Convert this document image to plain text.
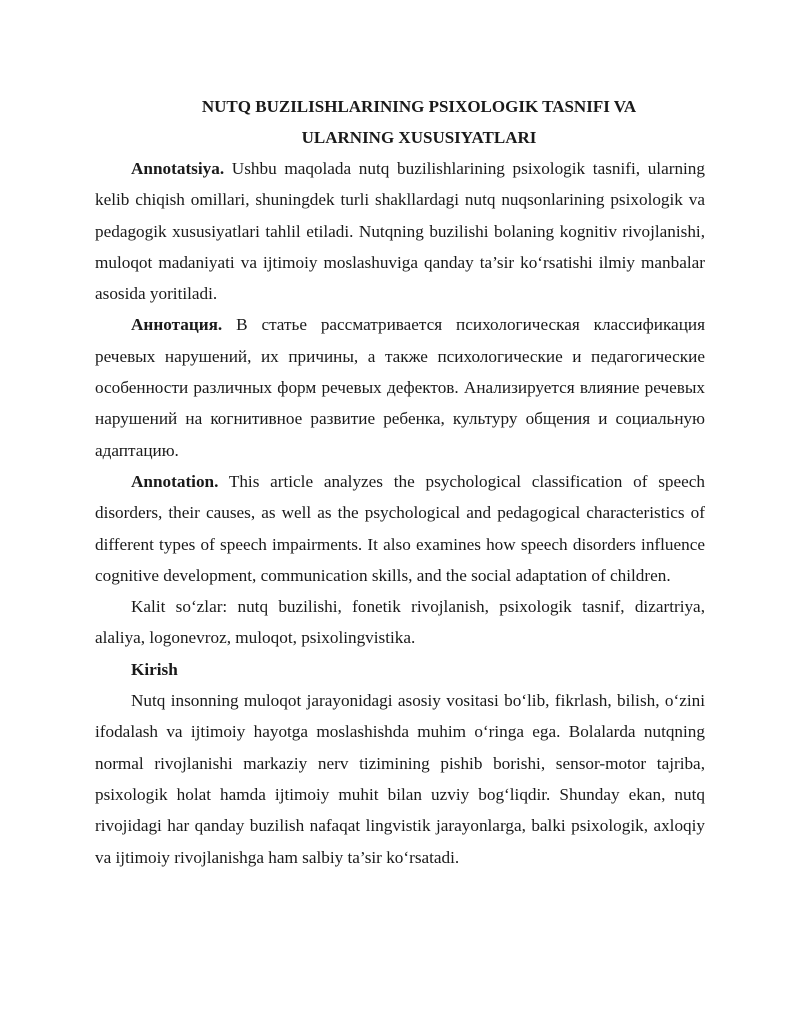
NUTQ BUZILISHLARINING PSIXOLOGIK TASNIFI VA
ULARNING XUSUSIYATLARI

Annotatsiya. Ushbu maqolada nutq buzilishlarining psixologik tasnifi, ularning kelib chiqish omillari, shuningdek turli shakllardagi nutq nuqsonlarining psixologik va pedagogik xususiyatlari tahlil etiladi. Nutqning buzilishi bolaning kognitiv rivojlanishi, muloqot madaniyati va ijtimoiy moslashuviga qanday ta’sir ko‘rsatishi ilmiy manbalar asosida yoritiladi.

Аннотация. В статье рассматривается психологическая классификация речевых нарушений, их причины, а также психологические и педагогические особенности различных форм речевых дефектов. Анализируется влияние речевых нарушений на когнитивное развитие ребенка, культуру общения и социальную адаптацию.

Annotation. This article analyzes the psychological classification of speech disorders, their causes, as well as the psychological and pedagogical characteristics of different types of speech impairments. It also examines how speech disorders influence cognitive development, communication skills, and the social adaptation of children.

Kalit so‘zlar: nutq buzilishi, fonetik rivojlanish, psixologik tasnif, dizartriya, alaliya, logonevroz, muloqot, psixolingvistika.

Kirish

Nutq insonning muloqot jarayonidagi asosiy vositasi bo‘lib, fikrlash, bilish, o‘zini ifodalash va ijtimoiy hayotga moslashishda muhim o‘ringa ega. Bolalarda nutqning normal rivojlanishi markaziy nerv tizimining pishib borishi, sensor-motor tajriba, psixologik holat hamda ijtimoiy muhit bilan uzviy bog‘liqdir. Shunday ekan, nutq rivojidagi har qanday buzilish nafaqat lingvistik jarayonlarga, balki psixologik, axloqiy va ijtimoiy rivojlanishga ham salbiy ta’sir ko‘rsatadi.
